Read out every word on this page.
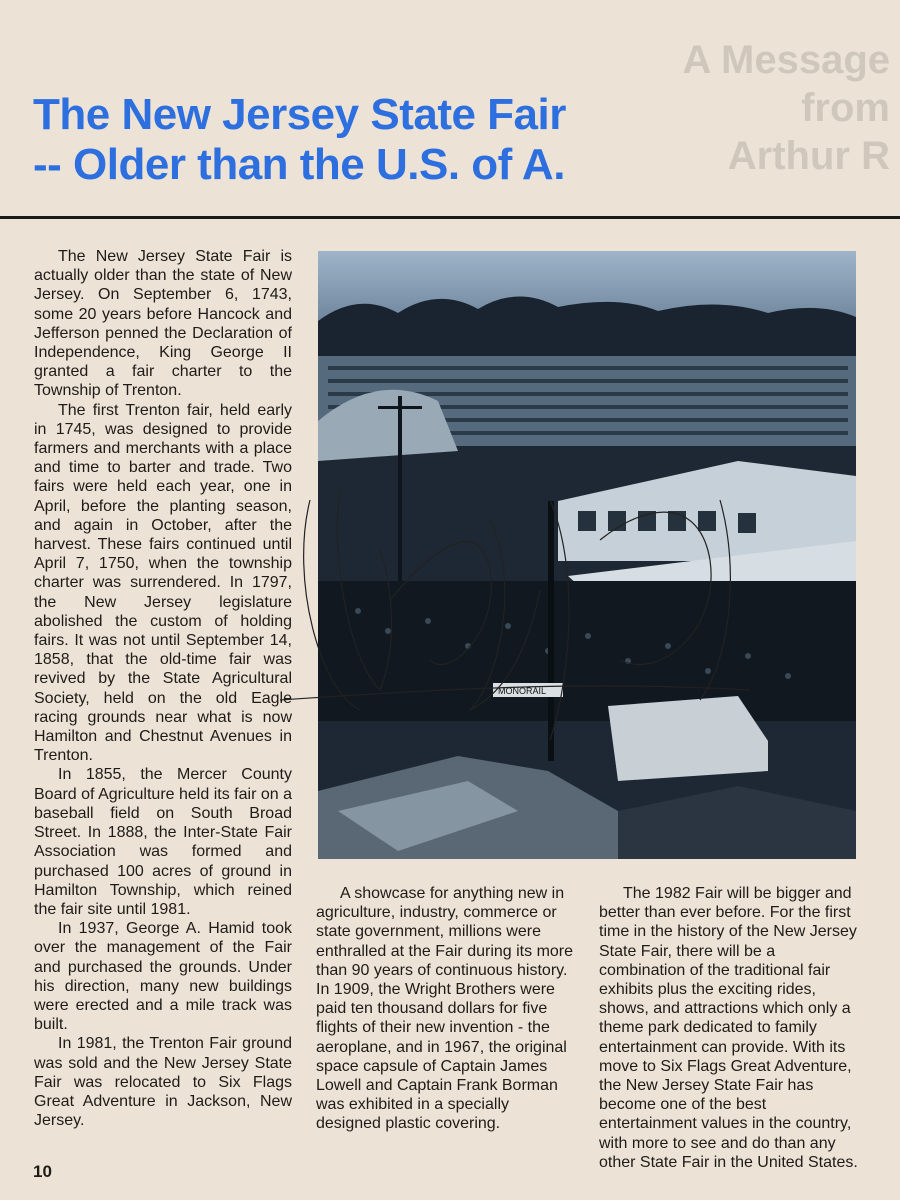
A Message
from
Arthur R
The New Jersey State Fair
-- Older than the U.S. of A.

The New Jersey State Fair is actually older than the state of New Jersey. On September 6, 1743, some 20 years before Hancock and Jefferson penned the Declaration of Independence, King George II granted a fair charter to the Township of Trenton.

The first Trenton fair, held early in 1745, was designed to provide farmers and merchants with a place and time to barter and trade. Two fairs were held each year, one in April, before the planting season, and again in October, after the harvest. These fairs continued until April 7, 1750, when the township charter was surrendered. In 1797, the New Jersey legislature abolished the custom of holding fairs. It was not until September 14, 1858, that the old-time fair was revived by the State Agricultural Society, held on the old Eagle racing grounds near what is now Hamilton and Chestnut Avenues in Trenton.

In 1855, the Mercer County Board of Agriculture held its fair on a baseball field on South Broad Street. In 1888, the Inter-State Fair Association was formed and purchased 100 acres of ground in Hamilton Township, which reined the fair site until 1981.

In 1937, George A. Hamid took over the management of the Fair and purchased the grounds. Under his direction, many new buildings were erected and a mile track was built.

In 1981, the Trenton Fair ground was sold and the New Jersey State Fair was relocated to Six Flags Great Adventure in Jackson, New Jersey.

MONORAIL

A showcase for anything new in agriculture, industry, commerce or state government, millions were enthralled at the Fair during its more than 90 years of continuous history. In 1909, the Wright Brothers were paid ten thousand dollars for five flights of their new invention - the aeroplane, and in 1967, the original space capsule of Captain James Lowell and Captain Frank Borman was exhibited in a specially designed plastic covering.

The 1982 Fair will be bigger and better than ever before. For the first time in the history of the New Jersey State Fair, there will be a combination of the traditional fair exhibits plus the exciting rides, shows, and attractions which only a theme park dedicated to family entertainment can provide. With its move to Six Flags Great Adventure, the New Jersey State Fair has become one of the best entertainment values in the country, with more to see and do than any other State Fair in the United States.

10
